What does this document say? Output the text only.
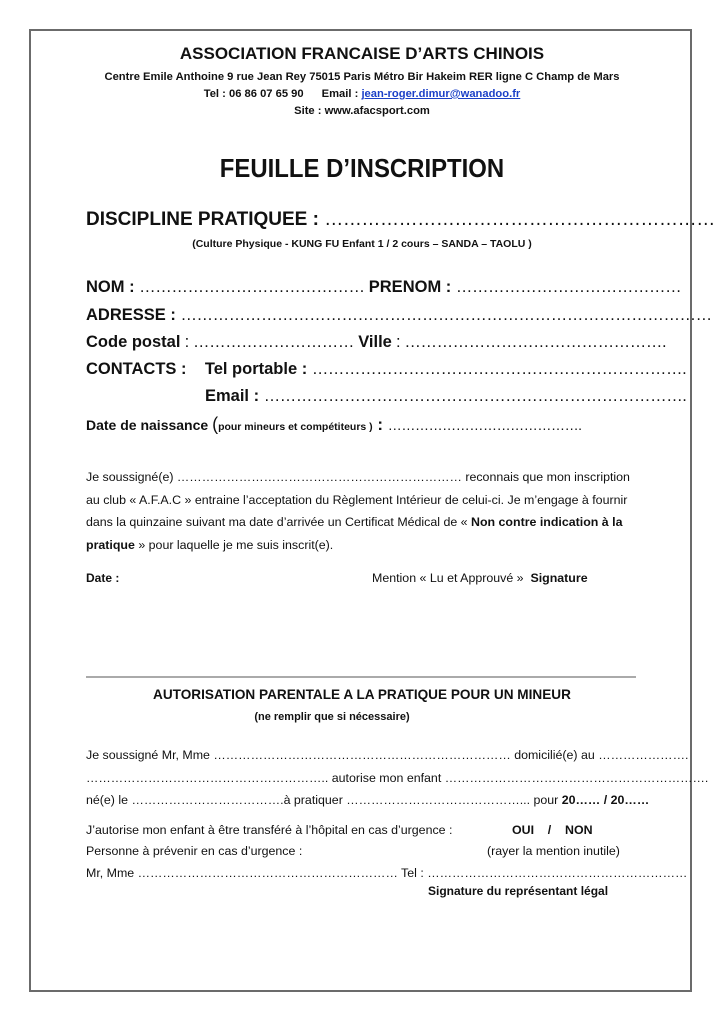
ASSOCIATION FRANCAISE D’ARTS CHINOIS
Centre Emile Anthoine 9 rue Jean Rey 75015 Paris Métro Bir Hakeim RER ligne C Champ de Mars
Tel : 06 86 07 65 90 Email : jean-roger.dimur@wanadoo.fr
Site : www.afacsport.com
FEUILLE D’INSCRIPTION
DISCIPLINE PRATIQUEE : ………………………………………………………
(Culture Physique - KUNG FU Enfant 1 / 2 cours – SANDA – TAOLU )
NOM : …………………………………… PRENOM : ……………………………………
ADRESSE : ………………………………………………………………………………………
Code postal : ………………………… Ville : ………………………………………….
CONTACTS :    Tel portable : …………………………………………………………….
Email : …………………………………………………………………….
Date de naissance (pour mineurs et compétiteurs ) : …………………………………….
Je soussigné(e) …………………………………………………………… reconnais que mon inscription au club « A.F.A.C » entraine l’acceptation du Règlement Intérieur de celui-ci. Je m’engage à fournir dans la quinzaine suivant ma date d’arrivée un Certificat Médical de « Non contre indication à la pratique » pour laquelle je me suis inscrit(e).
Date :	Mention « Lu et Approuvé »  Signature
AUTORISATION PARENTALE A LA PRATIQUE POUR UN MINEUR
(ne remplir que si nécessaire)
Je soussigné Mr, Mme ……………………………………………………………… domicilié(e) au ………………….
………………………………………………….. autorise mon enfant ……………………………………………………….
né(e) le ……………………………….à pratiquer ……………………………………... pour 20…… / 20……
J’autorise mon enfant à être transféré à l’hôpital en cas d’urgence :	OUI    /    NON
Personne à prévenir en cas d’urgence :	(rayer la mention inutile)
Mr, Mme ……………………………………………………… Tel : ………………………………………………………
Signature du représentant légal
